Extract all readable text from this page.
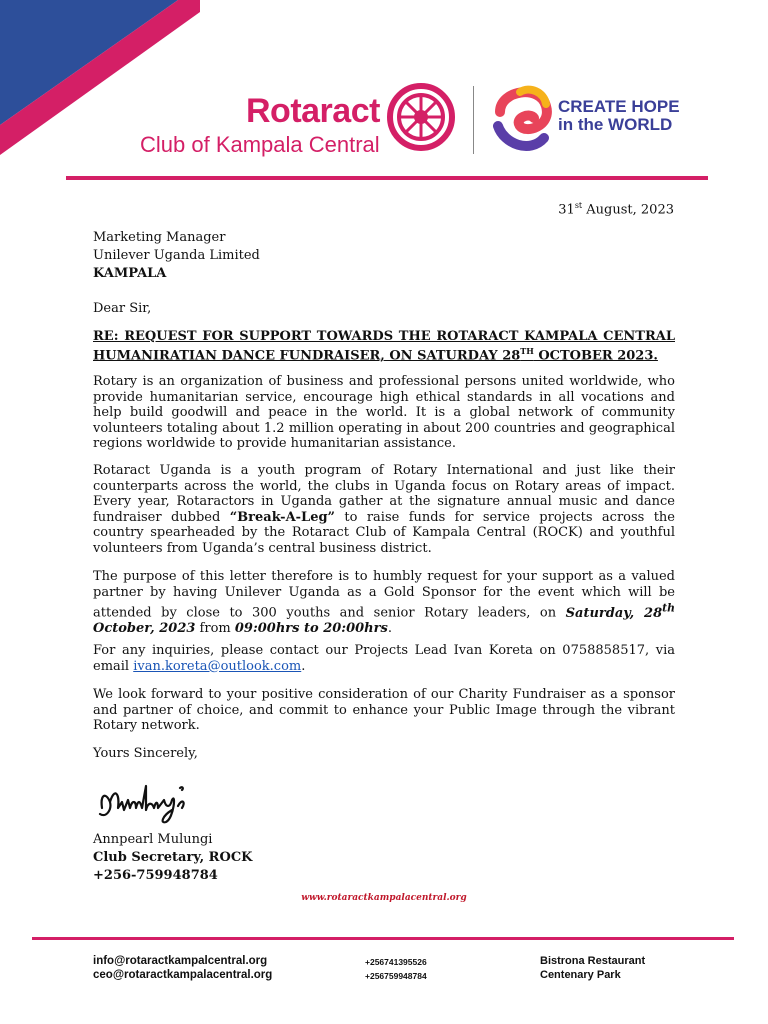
Rotaract
Club of Kampala Central
CREATE HOPE
in the WORLD
31st August, 2023
Marketing Manager
Unilever Uganda Limited
KAMPALA
Dear Sir,
RE: REQUEST FOR SUPPORT TOWARDS THE ROTARACT KAMPALA CENTRAL HUMANIRATIAN DANCE FUNDRAISER, ON SATURDAY 28TH OCTOBER 2023.
Rotary is an organization of business and professional persons united worldwide, who provide humanitarian service, encourage high ethical standards in all vocations and help build goodwill and peace in the world. It is a global network of community volunteers totaling about 1.2 million operating in about 200 countries and geographical regions worldwide to provide humanitarian assistance.
Rotaract Uganda is a youth program of Rotary International and just like their counterparts across the world, the clubs in Uganda focus on Rotary areas of impact. Every year, Rotaractors in Uganda gather at the signature annual music and dance fundraiser dubbed “Break-A-Leg” to raise funds for service projects across the country spearheaded by the Rotaract Club of Kampala Central (ROCK) and youthful volunteers from Uganda’s central business district.
The purpose of this letter therefore is to humbly request for your support as a valued partner by having Unilever Uganda as a Gold Sponsor for the event which will be attended by close to 300 youths and senior Rotary leaders, on Saturday, 28th October, 2023 from 09:00hrs to 20:00hrs.
For any inquiries, please contact our Projects Lead Ivan Koreta on 0758858517, via email ivan.koreta@outlook.com.
We look forward to your positive consideration of our Charity Fundraiser as a sponsor and partner of choice, and commit to enhance your Public Image through the vibrant Rotary network.
Yours Sincerely,
Annpearl Mulungi
Club Secretary, ROCK
+256-759948784
www.rotaractkampalacentral.org
info@rotaractkampalcentral.org
ceo@rotaractkampalacentral.org
+256741395526
+256759948784
Bistrona Restaurant
Centenary Park
